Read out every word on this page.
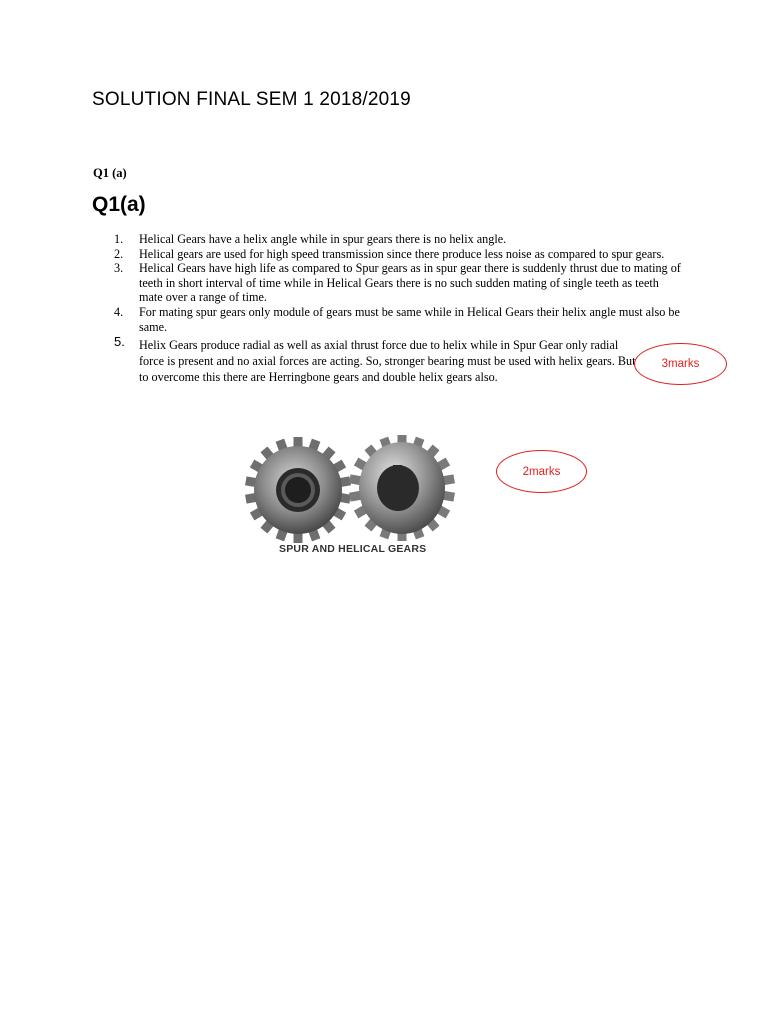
SOLUTION FINAL SEM 1 2018/2019
Q1 (a)
Q1(a)
1. Helical Gears have a helix angle while in spur gears there is no helix angle.
2. Helical gears are used for high speed transmission since there produce less noise as compared to spur gears.
3. Helical Gears have high life as compared to Spur gears as in spur gear there is suddenly thrust due to mating of teeth in short interval of time while in Helical Gears there is no such sudden mating of single teeth as teeth mate over a range of time.
4. For mating spur gears only module of gears must be same while in Helical Gears their helix angle must also be same.
5. Helix Gears produce radial as well as axial thrust force due to helix while in Spur Gear only radial force is present and no axial forces are acting. So, stronger bearing must be used with helix gears. But to overcome this there are Herringbone gears and double helix gears also.
3marks
2marks
SPUR AND HELICAL GEARS
